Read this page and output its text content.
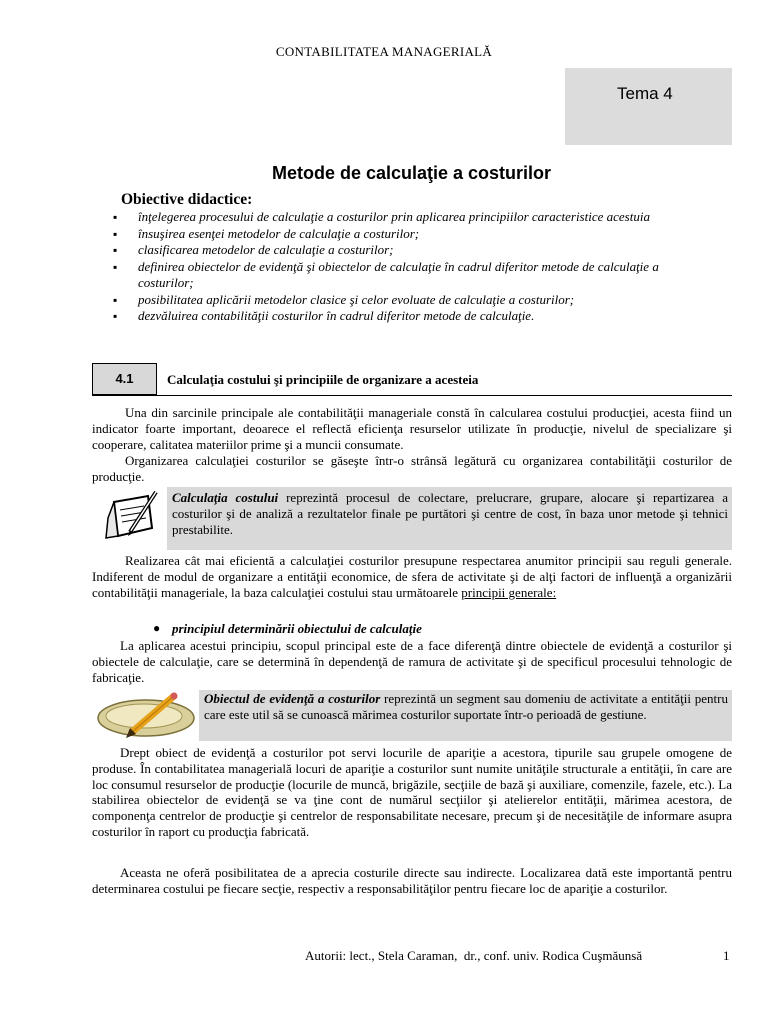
CONTABILITATEA MANAGERIALĂ
Tema 4
Metode de calculaţie a costurilor
Obiective didactice:
▪ înţelegerea procesului de calculaţie a costurilor prin aplicarea principiilor caracteristice acestuia
▪ însuşirea esenţei metodelor de calculaţie a costurilor;
▪ clasificarea metodelor de calculaţie a costurilor;
▪ definirea obiectelor de evidenţă şi obiectelor de calculaţie în cadrul diferitor metode de calculaţie a costurilor;
▪ posibilitatea aplicării metodelor clasice şi celor evoluate de calculaţie a costurilor;
▪ dezvăluirea contabilităţii costurilor în cadrul diferitor metode de calculaţie.
4.1	Calculaţia costului şi principiile de organizare a acesteia

Una din sarcinile principale ale contabilităţii manageriale constă în calcularea costului producţiei, acesta fiind un indicator foarte important, deoarece el reflectă eficienţa resurselor utilizate în producţie, nivelul de specializare şi cooperare, calitatea materiilor prime şi a muncii consumate.

Organizarea calculaţiei costurilor se găseşte într-o strânsă legătură cu organizarea contabilităţii costurilor de producţie.

Calculaţia costului reprezintă procesul de colectare, prelucrare, grupare, alocare şi repartizarea a costurilor şi de analiză a rezultatelor finale pe purtători şi centre de cost, în baza unor metode şi tehnici prestabilite.

Realizarea cât mai eficientă a calculaţiei costurilor presupune respectarea anumitor principii sau reguli generale. Indiferent de modul de organizare a entităţii economice, de sfera de activitate şi de alţi factori de influenţă a organizării contabilităţii manageriale, la baza calculaţiei costului stau următoarele principii generale:

● principiul determinării obiectului de calculaţie

La aplicarea acestui principiu, scopul principal este de a face diferenţă dintre obiectele de evidenţă a costurilor şi obiectele de calculaţie, care se determină în dependenţă de ramura de activitate şi de specificul procesului tehnologic de fabricaţie.

Obiectul de evidenţă a costurilor reprezintă un segment sau domeniu de activitate a entităţii pentru care este util să se cunoască mărimea costurilor suportate într-o perioadă de gestiune.

Drept obiect de evidenţă a costurilor pot servi locurile de apariţie a acestora, tipurile sau grupele omogene de produse. În contabilitatea managerială locuri de apariţie a costurilor sunt numite unităţile structurale a entităţii, în care are loc consumul resurselor de producţie (locurile de muncă, brigăzile, secţiile de bază şi auxiliare, comenzile, fazele, etc.). La stabilirea obiectelor de evidenţă se va ţine cont de numărul secţiilor şi atelierelor entităţii, mărimea acestora, de componenţa centrelor de producţie şi centrelor de responsabilitate necesare, precum şi de necesităţile de informare asupra costurilor în raport cu producţia fabricată.

Aceasta ne oferă posibilitatea de a aprecia costurile directe sau indirecte. Localizarea dată este importantă pentru determinarea costului pe fiecare secţie, respectiv a responsabilităţilor pentru fiecare loc de apariţie a costurilor.

Autorii: lect., Stela Caraman,  dr., conf. univ. Rodica Cuşmăunsă	1
